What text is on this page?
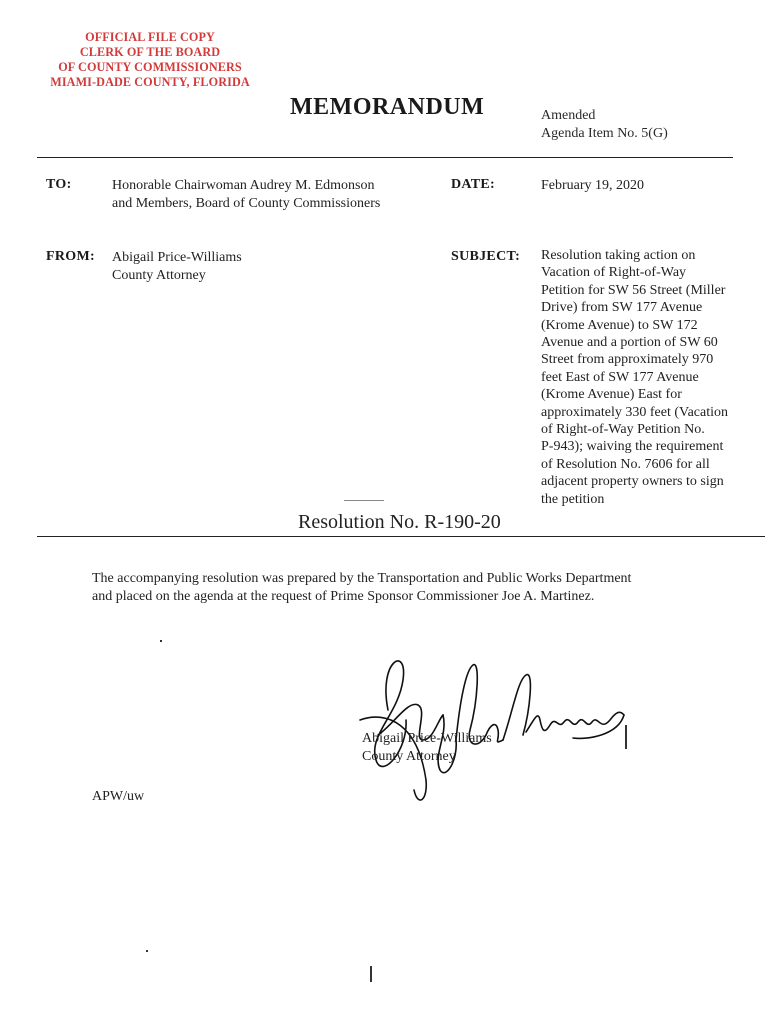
OFFICIAL FILE COPY
CLERK OF THE BOARD
OF COUNTY COMMISSIONERS
MIAMI-DADE COUNTY, FLORIDA
MEMORANDUM	Amended
Agenda Item No. 5(G)
TO:	Honorable Chairwoman Audrey M. Edmonson
and Members, Board of County Commissioners
DATE:	February 19, 2020
FROM: Abigail Price-Williams
County Attorney
SUBJECT: Resolution taking action on
Vacation of Right-of-Way
Petition for SW 56 Street (Miller
Drive) from SW 177 Avenue
(Krome Avenue) to SW 172
Avenue and a portion of SW 60
Street from approximately 970
feet East of SW 177 Avenue
(Krome Avenue) East for
approximately 330 feet (Vacation
of Right-of-Way Petition No.
P-943); waiving the requirement
of Resolution No. 7606 for all
adjacent property owners to sign
the petition
Resolution No. R-190-20
The accompanying resolution was prepared by the Transportation and Public Works Department
and placed on the agenda at the request of Prime Sponsor Commissioner Joe A. Martinez.
Abigail Price-Williams
County Attorney
APW/uw
